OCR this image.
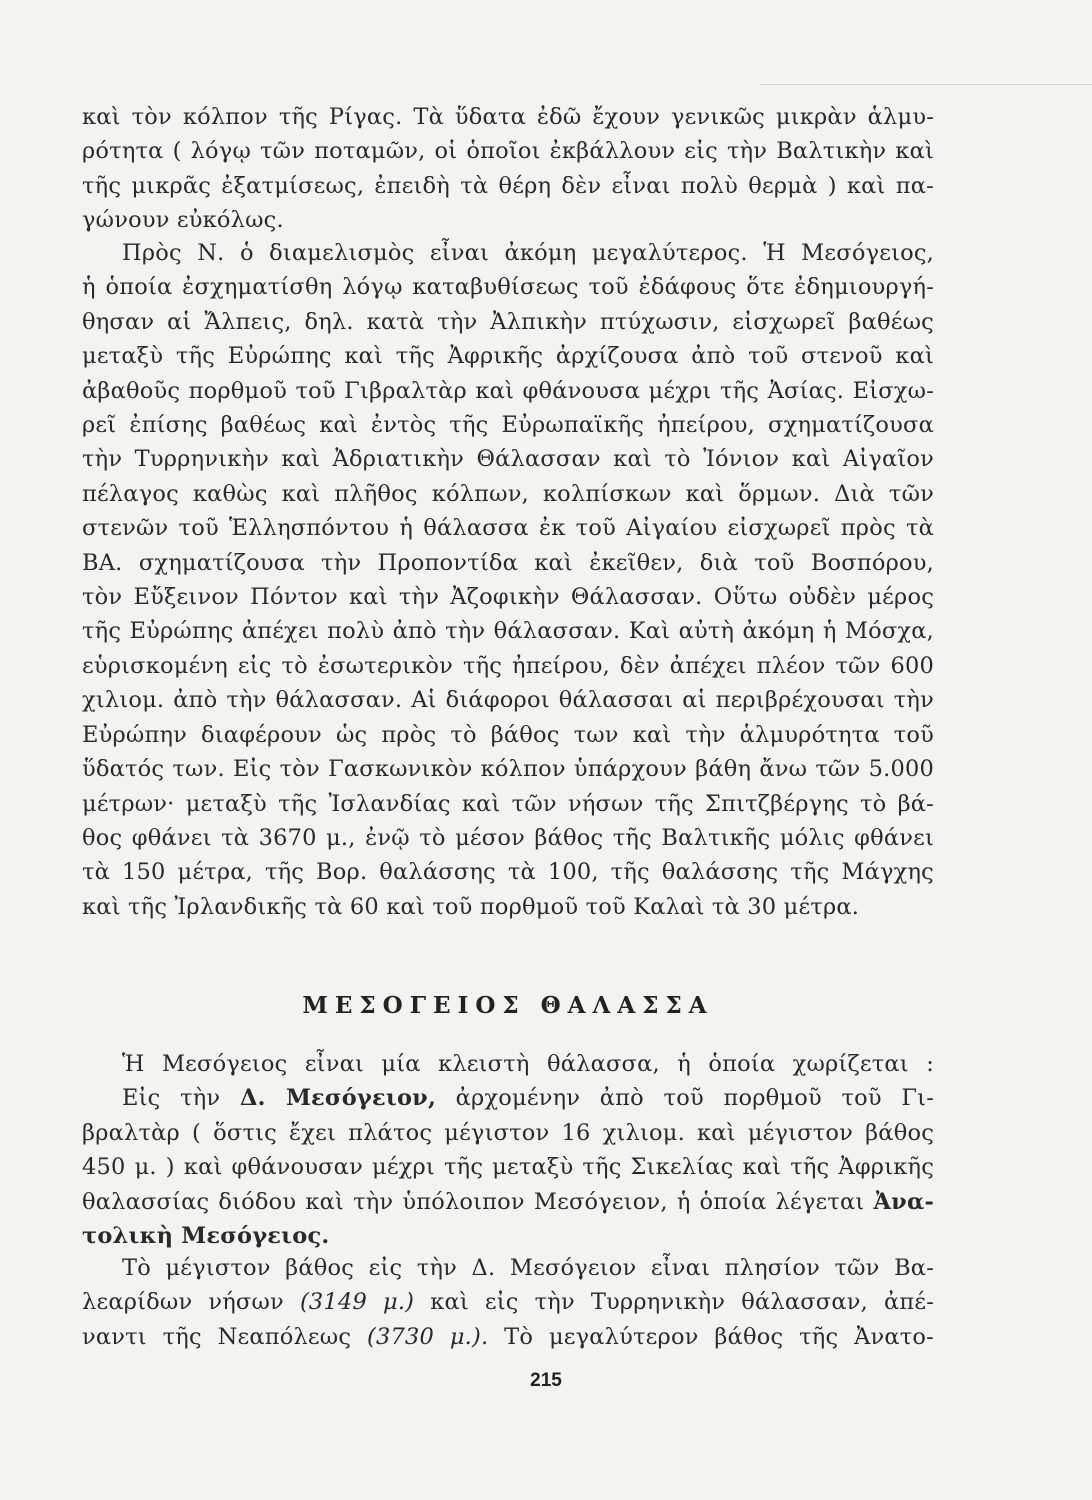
καὶ τὸν κόλπον τῆς Ρίγας. Τὰ ὕδατα ἐδῶ ἔχουν γενικῶς μικρὰν ἁλμυ-
ρότητα ( λόγῳ τῶν ποταμῶν, οἱ ὁποῖοι ἐκβάλλουν εἰς τὴν Βαλτικὴν καὶ
τῆς μικρᾶς ἐξατμίσεως, ἐπειδὴ τὰ θέρη δὲν εἶναι πολὺ θερμὰ ) καὶ πα-
γώνουν εὐκόλως.
Πρὸς Ν. ὁ διαμελισμὸς εἶναι ἀκόμη μεγαλύτερος. Ἡ Μεσόγειος,
ἡ ὁποία ἐσχηματίσθη λόγῳ καταβυθίσεως τοῦ ἐδάφους ὅτε ἐδημιουργή-
θησαν αἱ Ἄλπεις, δηλ. κατὰ τὴν Ἀλπικὴν πτύχωσιν, εἰσχωρεῖ βαθέως
μεταξὺ τῆς Εὐρώπης καὶ τῆς Ἀφρικῆς ἀρχίζουσα ἀπὸ τοῦ στενοῦ καὶ
ἀβαθοῦς πορθμοῦ τοῦ Γιβραλτὰρ καὶ φθάνουσα μέχρι τῆς Ἀσίας. Εἰσχω-
ρεῖ ἐπίσης βαθέως καὶ ἐντὸς τῆς Εὐρωπαϊκῆς ἠπείρου, σχηματίζουσα
τὴν Τυρρηνικὴν καὶ Ἀδριατικὴν Θάλασσαν καὶ τὸ Ἰόνιον καὶ Αἰγαῖον
πέλαγος καθὼς καὶ πλῆθος κόλπων, κολπίσκων καὶ ὅρμων. Διὰ τῶν
στενῶν τοῦ Ἑλλησπόντου ἡ θάλασσα ἐκ τοῦ Αἰγαίου εἰσχωρεῖ πρὸς τὰ
ΒΑ. σχηματίζουσα τὴν Προποντίδα καὶ ἐκεῖθεν, διὰ τοῦ Βοσπόρου,
τὸν Εὔξεινον Πόντον καὶ τὴν Ἀζοφικὴν Θάλασσαν. Οὕτω οὐδὲν μέρος
τῆς Εὐρώπης ἀπέχει πολὺ ἀπὸ τὴν θάλασσαν. Καὶ αὐτὴ ἀκόμη ἡ Μόσχα,
εὑρισκομένη εἰς τὸ ἐσωτερικὸν τῆς ἠπείρου, δὲν ἀπέχει πλέον τῶν 600
χιλιομ. ἀπὸ τὴν θάλασσαν. Αἱ διάφοροι θάλασσαι αἱ περιβρέχουσαι τὴν
Εὐρώπην διαφέρουν ὡς πρὸς τὸ βάθος των καὶ τὴν ἁλμυρότητα τοῦ
ὕδατός των. Εἰς τὸν Γασκωνικὸν κόλπον ὑπάρχουν βάθη ἄνω τῶν 5.000
μέτρων· μεταξὺ τῆς Ἰσλανδίας καὶ τῶν νήσων τῆς Σπιτζβέργης τὸ βά-
θος φθάνει τὰ 3670 μ., ἐνῷ τὸ μέσον βάθος τῆς Βαλτικῆς μόλις φθάνει
τὰ 150 μέτρα, τῆς Βορ. θαλάσσης τὰ 100, τῆς θαλάσσης τῆς Μάγχης
καὶ τῆς Ἰρλανδικῆς τὰ 60 καὶ τοῦ πορθμοῦ τοῦ Καλαὶ τὰ 30 μέτρα.
ΜΕΣΟΓΕΙΟΣ ΘΑΛΑΣΣΑ
Ἡ Μεσόγειος εἶναι μία κλειστὴ θάλασσα, ἡ ὁποία χωρίζεται :
Εἰς τὴν Δ. Μεσόγειον, ἀρχομένην ἀπὸ τοῦ πορθμοῦ τοῦ Γι-
βραλτὰρ ( ὅστις ἔχει πλάτος μέγιστον 16 χιλιομ. καὶ μέγιστον βάθος
450 μ. ) καὶ φθάνουσαν μέχρι τῆς μεταξὺ τῆς Σικελίας καὶ τῆς Ἀφρικῆς
θαλασσίας διόδου καὶ τὴν ὑπόλοιπον Μεσόγειον, ἡ ὁποία λέγεται Ἀνα-
τολικὴ Μεσόγειος.
Τὸ μέγιστον βάθος εἰς τὴν Δ. Μεσόγειον εἶναι πλησίον τῶν Βα-
λεαρίδων νήσων (3149 μ.) καὶ εἰς τὴν Τυρρηνικὴν θάλασσαν, ἀπέ-
ναντι τῆς Νεαπόλεως (3730 μ.). Τὸ μεγαλύτερον βάθος τῆς Ἀνατο-
215
